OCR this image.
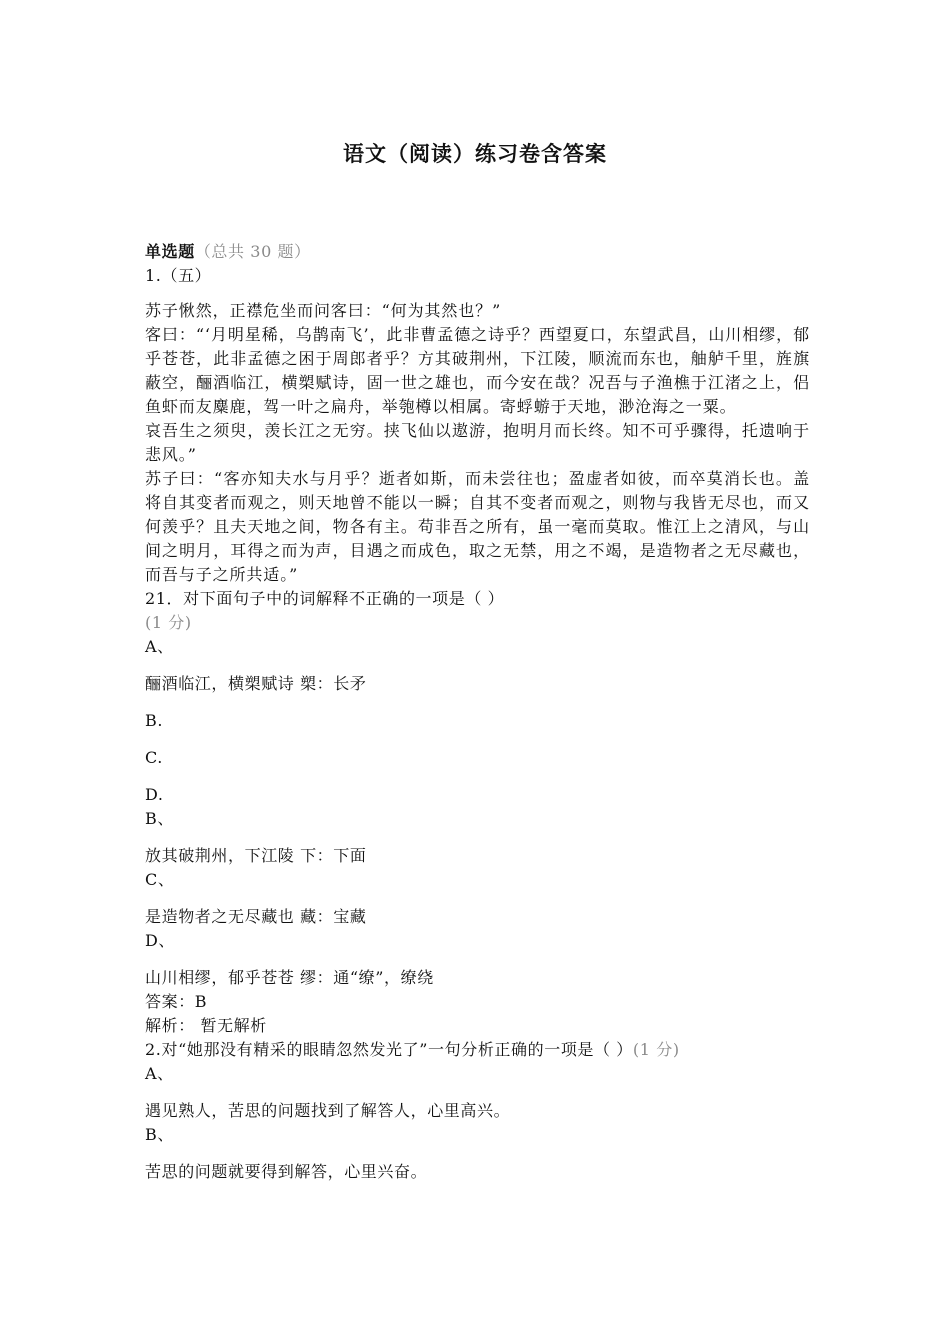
语文（阅读）练习卷含答案

单选题（总共 30 题）

1.（五）

苏子愀然，正襟危坐而问客曰：“何为其然也？”

客曰：“‘月明星稀，乌鹊南飞’，此非曹孟德之诗乎？西望夏口，东望武昌，山川相缪，郁乎苍苍，此非孟德之困于周郎者乎？方其破荆州，下江陵，顺流而东也，舳舻千里，旌旗蔽空，酾酒临江，横槊赋诗，固一世之雄也，而今安在哉？况吾与子渔樵于江渚之上，侣鱼虾而友麋鹿，驾一叶之扁舟，举匏樽以相属。寄蜉蝣于天地，渺沧海之一粟。

哀吾生之须臾，羡长江之无穷。挟飞仙以遨游，抱明月而长终。知不可乎骤得，托遗响于悲风。”

苏子曰：“客亦知夫水与月乎？逝者如斯，而未尝往也；盈虚者如彼，而卒莫消长也。盖将自其变者而观之，则天地曾不能以一瞬；自其不变者而观之，则物与我皆无尽也，而又何羡乎？且夫天地之间，物各有主。苟非吾之所有，虽一毫而莫取。惟江上之清风，与山间之明月，耳得之而为声，目遇之而成色，取之无禁，用之不竭，是造物者之无尽藏也，而吾与子之所共适。”

21．对下面句子中的词解释不正确的一项是（ ）

(1 分)

A、

酾酒临江，横槊赋诗 槊：长矛

B.

C.

D.

B、

放其破荆州，下江陵 下：下面

C、

是造物者之无尽藏也 藏：宝藏

D、

山川相缪，郁乎苍苍 缪：通“缭”，缭绕

答案：B

解析： 暂无解析

2.对“她那没有精采的眼睛忽然发光了”一句分析正确的一项是（ ）(1 分)

A、

遇见熟人，苦思的问题找到了解答人，心里高兴。

B、

苦思的问题就要得到解答，心里兴奋。
